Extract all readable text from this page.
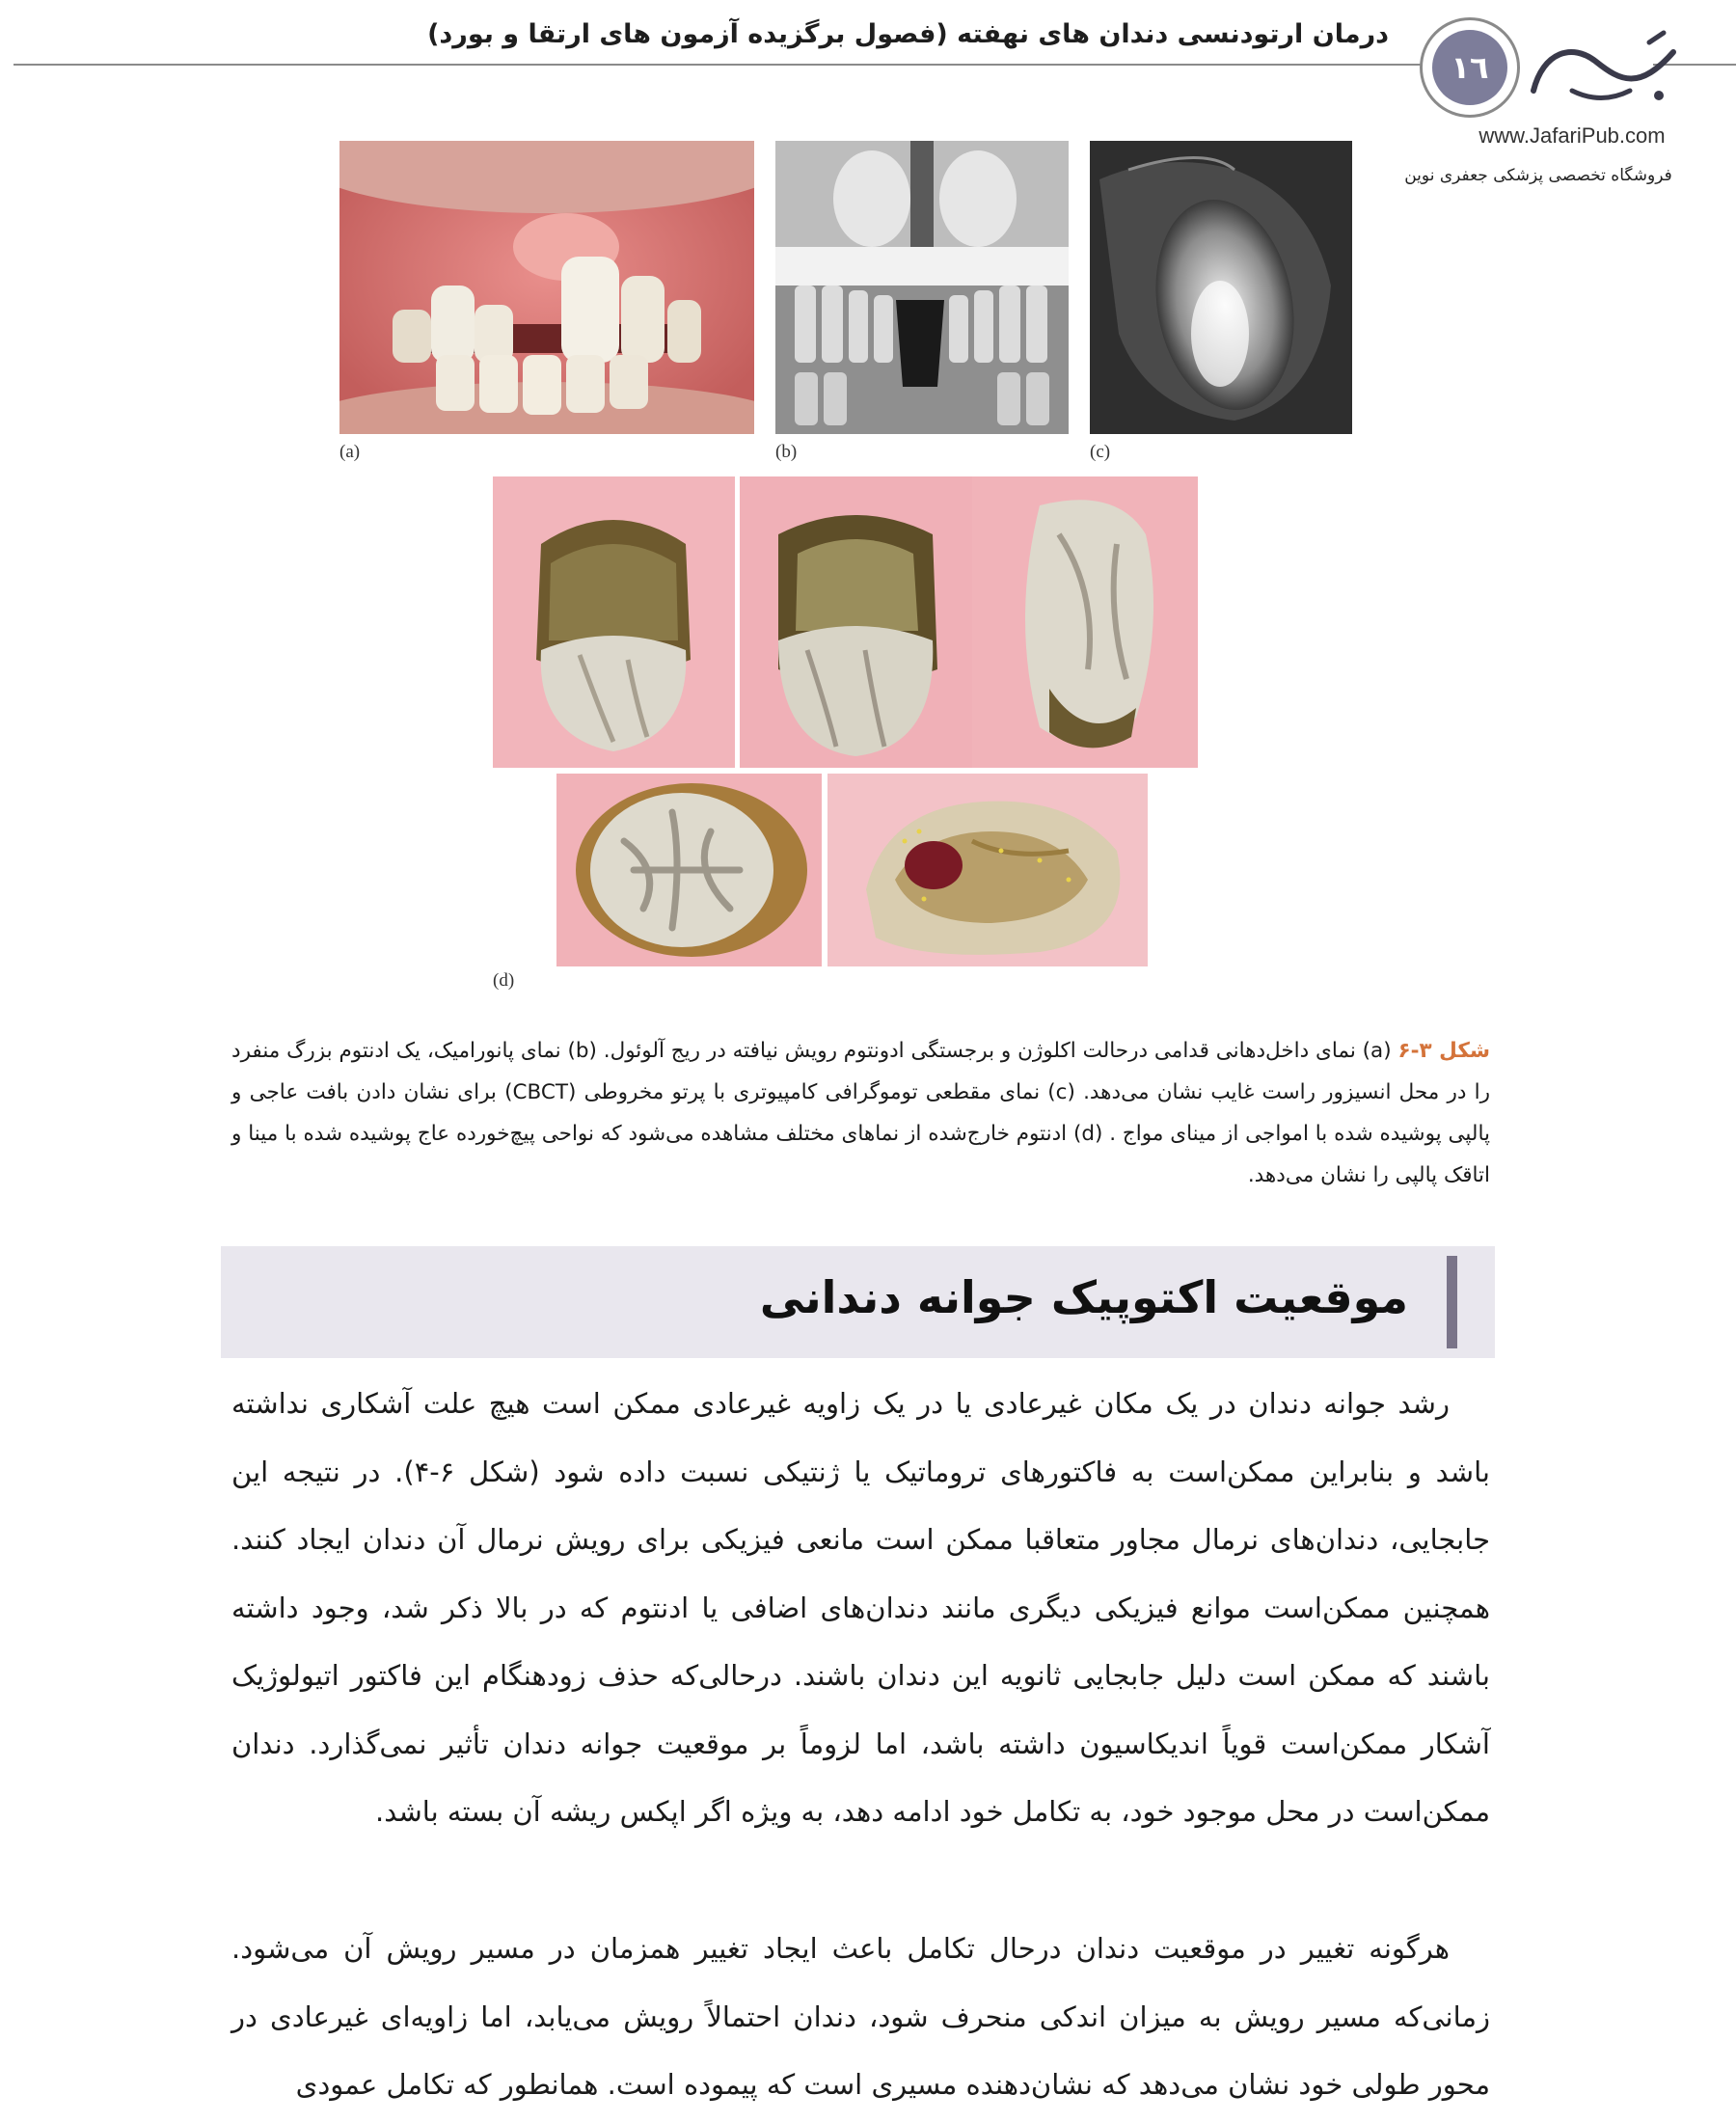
درمان ارتودنسی دندان های نهفته (فصول برگزیده آزمون های ارتقا و بورد)
١٦
www.JafariPub.com
فروشگاه تخصصی پزشکی جعفری نوین
(a)	(b)	(c)
(d)
شکل ۳-۶ (a) نمای داخل‌دهانی قدامی درحالت اکلوژن و برجستگی ادونتوم رویش نیافته در ریج آلوئول. (b) نمای پانورامیک، یک ادنتوم بزرگ منفرد را در محل انسیزور راست غایب نشان می‌دهد. (c) نمای مقطعی توموگرافی کامپیوتری با پرتو مخروطی (CBCT) برای نشان دادن بافت عاجی و پالپی پوشیده شده با امواجی از مینای مواج . (d) ادنتوم خارج‌شده از نماهای مختلف مشاهده می‌شود که نواحی پیچ‌خورده عاج پوشیده شده با مینا و اتاقک پالپی را نشان می‌دهد.
موقعیت اکتوپیک جوانه دندانی
رشد جوانه دندان در یک مکان غیرعادی یا در یک زاویه غیرعادی ممکن است هیچ علت آشکاری نداشته باشد و بنابراین ممکن‌است به فاکتورهای تروماتیک یا ژنتیکی نسبت داده شود (شکل ۶-۴). در نتیجه این جابجایی، دندان‌های نرمال مجاور متعاقبا ممکن است مانعی فیزیکی برای رویش نرمال آن دندان ایجاد کنند. همچنین ممکن‌است موانع فیزیکی دیگری مانند دندان‌های اضافی یا ادنتوم که در بالا ذکر شد، وجود داشته باشند که ممکن است دلیل جابجایی ثانویه این دندان باشند. درحالی‌که حذف زودهنگام این فاکتور اتیولوژیک آشکار ممکن‌است قویاً اندیکاسیون داشته باشد، اما لزوماً بر موقعیت جوانه دندان تأثیر نمی‌گذارد. دندان ممکن‌است در محل موجود خود، به تکامل خود ادامه دهد، به ویژه اگر اپکس ریشه آن بسته باشد.
هرگونه تغییر در موقعیت دندان درحال تکامل باعث ایجاد تغییر همزمان در مسیر رویش آن می‌شود. زمانی‌که مسیر رویش به میزان اندکی منحرف شود، دندان احتمالاً رویش می‌یابد، اما زاویه‌ای غیرعادی در محور طولی خود نشان می‌دهد که نشان‌دهنده مسیری است که پیموده است. همانطور که تکامل عمودی
